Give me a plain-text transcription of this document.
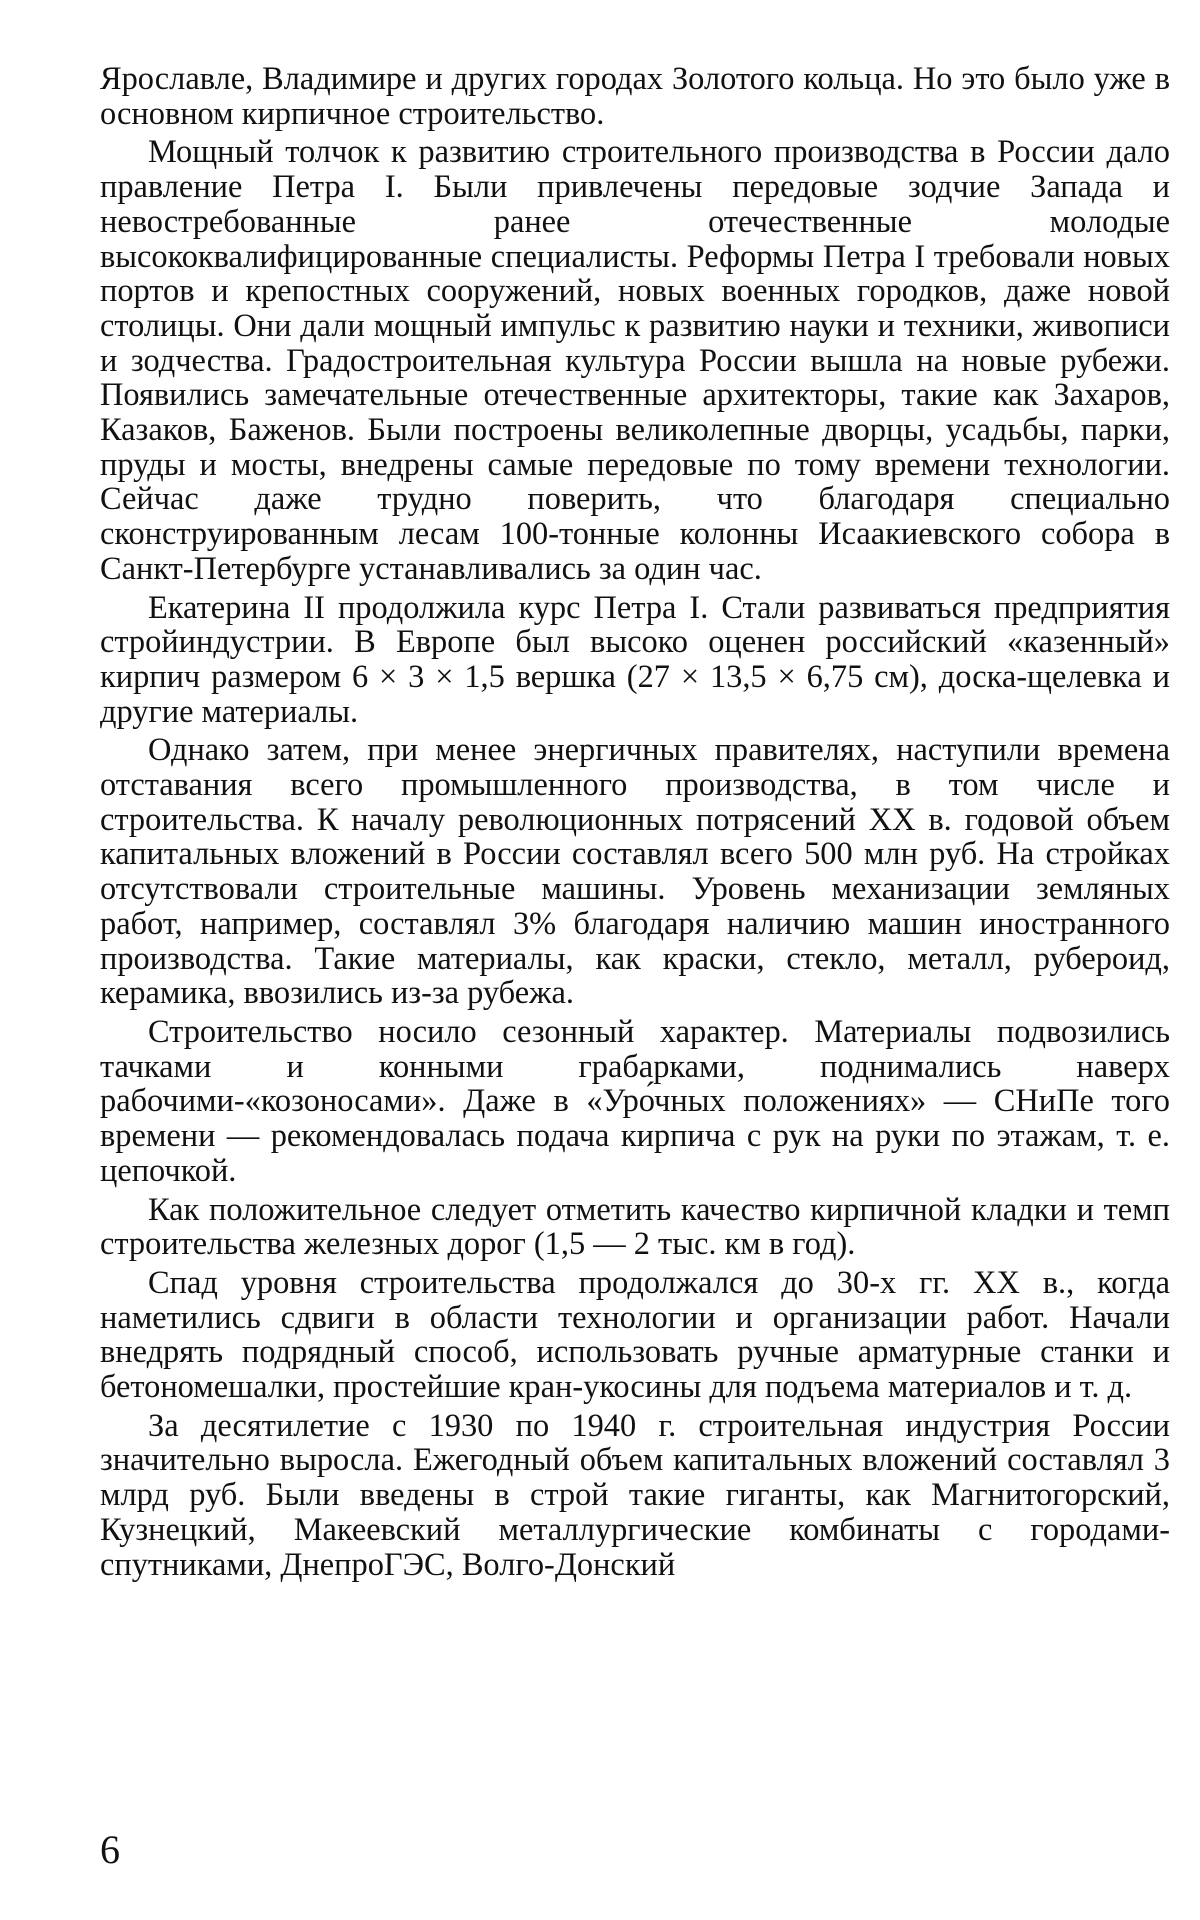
Ярославле, Владимире и других городах Золотого кольца. Но это было уже в основном кирпичное строительство.

Мощный толчок к развитию строительного производства в России дало правление Петра I. Были привлечены передовые зодчие Запада и невостребованные ранее отечественные молодые высококвалифицированные специалисты. Реформы Петра I требовали новых портов и крепостных сооружений, новых военных городков, даже новой столицы. Они дали мощный импульс к развитию науки и техники, живописи и зодчества. Градостроительная культура России вышла на новые рубежи. Появились замечательные отечественные архитекторы, такие как Захаров, Казаков, Баженов. Были построены великолепные дворцы, усадьбы, парки, пруды и мосты, внедрены самые передовые по тому времени технологии. Сейчас даже трудно поверить, что благодаря специально сконструированным лесам 100-тонные колонны Исаакиевского собора в Санкт-Петербурге устанавливались за один час.

Екатерина II продолжила курс Петра I. Стали развиваться предприятия стройиндустрии. В Европе был высоко оценен российский «казенный» кирпич размером 6 × 3 × 1,5 вершка (27 × 13,5 × 6,75 см), доска-щелевка и другие материалы.

Однако затем, при менее энергичных правителях, наступили времена отставания всего промышленного производства, в том числе и строительства. К началу революционных потрясений XX в. годовой объем капитальных вложений в России составлял всего 500 млн руб. На стройках отсутствовали строительные машины. Уровень механизации земляных работ, например, составлял 3% благодаря наличию машин иностранного производства. Такие материалы, как краски, стекло, металл, рубероид, керамика, ввозились из-за рубежа.

Строительство носило сезонный характер. Материалы подвозились тачками и конными грабарками, поднимались наверх рабочими-«козоносами». Даже в «Уро́чных положениях» — СНиПе того времени — рекомендовалась подача кирпича с рук на руки по этажам, т. е. цепочкой.

Как положительное следует отметить качество кирпичной кладки и темп строительства железных дорог (1,5 — 2 тыс. км в год).

Спад уровня строительства продолжался до 30-х гг. XX в., когда наметились сдвиги в области технологии и организации работ. Начали внедрять подрядный способ, использовать ручные арматурные станки и бетономешалки, простейшие кран-укосины для подъема материалов и т. д.

За десятилетие с 1930 по 1940 г. строительная индустрия России значительно выросла. Ежегодный объем капитальных вложений составлял 3 млрд руб. Были введены в строй такие гиганты, как Магнитогорский, Кузнецкий, Макеевский металлургические комбинаты с городами-спутниками, ДнепроГЭС, Волго-Донский

6
